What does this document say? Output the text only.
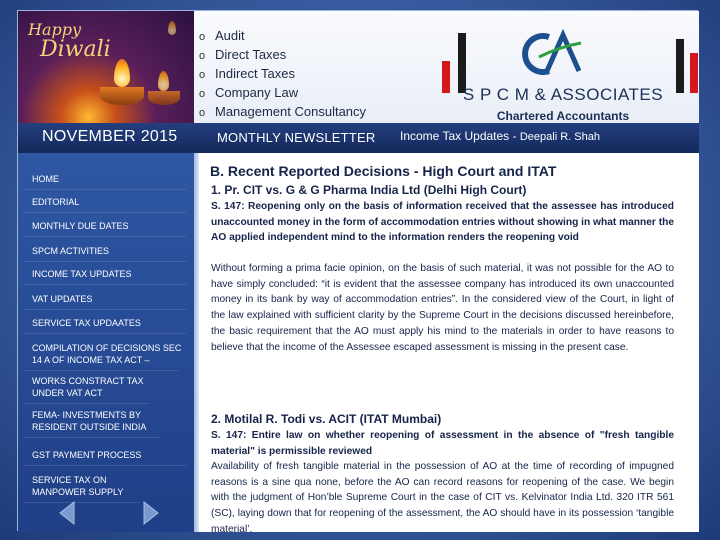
Happy
Diwali	o Audit
o Direct Taxes
o Indirect Taxes
o Company Law
o Management Consultancy
S P C M & ASSOCIATES
Chartered Accountants
NOVEMBER 2015	MONTHLY NEWSLETTER Income Tax Updates - Deepali R. Shah
HOME
EDITORIAL
MONTHLY DUE DATES
SPCM ACTIVITIES
INCOME TAX UPDATES
VAT UPDATES
SERVICE TAX UPDAATES
COMPILATION OF DECISIONS SEC 14 A OF INCOME TAX ACT –
WORKS CONSTRACT TAX UNDER VAT ACT
FEMA- INVESTMENTS BY RESIDENT OUTSIDE INDIA
GST PAYMENT PROCESS
SERVICE TAX ON MANPOWER SUPPLY
B. Recent Reported Decisions - High Court and ITAT
1. Pr. CIT vs. G & G Pharma India Ltd (Delhi High Court)
S. 147: Reopening only on the basis of information received that the assessee has introduced unaccounted money in the form of accommodation entries without showing in what manner the AO applied independent mind to the information renders the reopening void
Without forming a prima facie opinion, on the basis of such material, it was not possible for the AO to have simply concluded: “it is evident that the assessee company has introduced its own unaccounted money in its bank by way of accommodation entries”. In the considered view of the Court, in light of the law explained with sufficient clarity by the Supreme Court in the decisions discussed hereinbefore, the basic requirement that the AO must apply his mind to the materials in order to have reasons to believe that the income of the Assessee escaped assessment is missing in the present case.
2. Motilal R. Todi vs. ACIT (ITAT Mumbai)
S. 147: Entire law on whether reopening of assessment in the absence of "fresh tangible material" is permissible reviewed
Availability of fresh tangible material in the possession of AO at the time of recording of impugned reasons is a sine qua none, before the AO can record reasons for reopening of the case. We begin with the judgment of Hon’ble Supreme Court in the case of CIT vs. Kelvinator India Ltd. 320 ITR 561 (SC), laying down that for reopening of the assessment, the AO should have in its possession ‘tangible material’.
